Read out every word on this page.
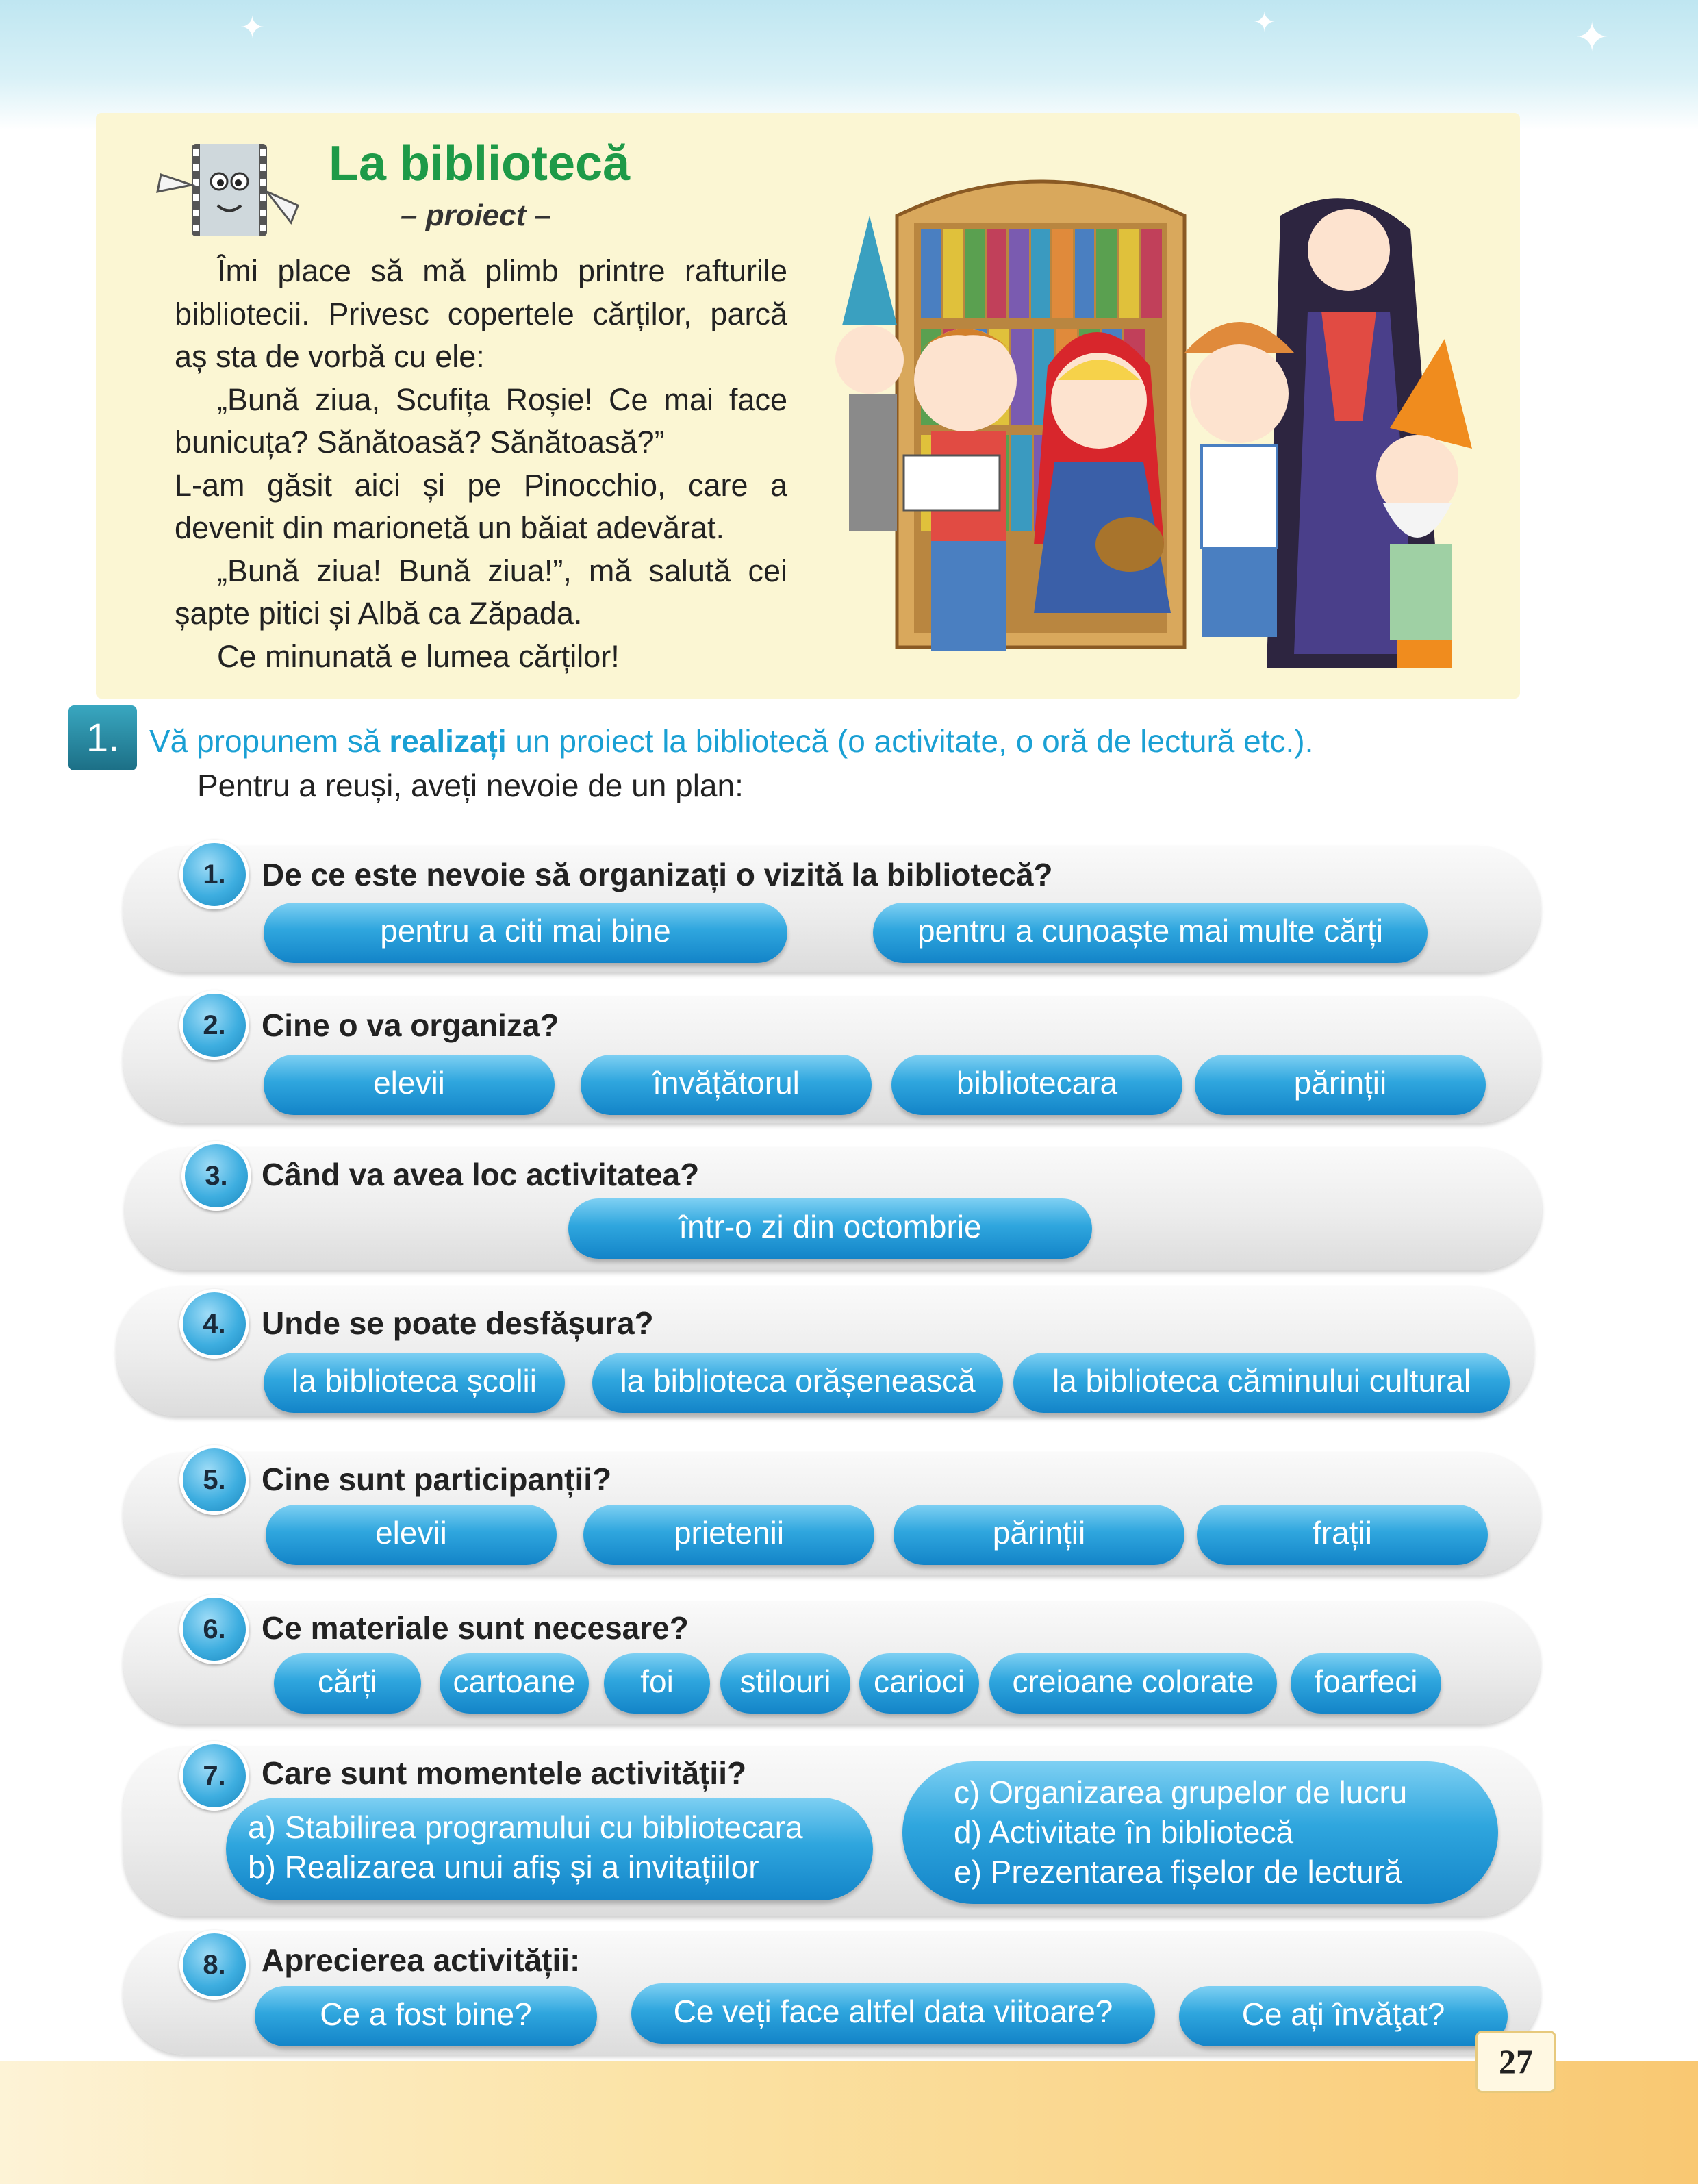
✦
✦
✦
La bibliotecă
– proiect –

Îmi place să mă plimb printre rafturile bibliotecii. Privesc copertele cărților, parcă aș sta de vorbă cu ele:

„Bună ziua, Scufița Roșie! Ce mai face bunicuța? Sănătoasă? Sănătoasă?”

L-am găsit aici și pe Pinocchio, care a devenit din marionetă un băiat adevărat.

„Bună ziua! Bună ziua!”, mă salută cei șapte pitici și Albă ca Zăpada.

Ce minunată e lumea cărților!

1. Vă propunem să realizați un proiect la bibliotecă (o activitate, o oră de lectură etc.).
Pentru a reuși, aveți nevoie de un plan:
1.	De ce este nevoie să organizați o vizită la bibliotecă?
pentru a citi mai bine	pentru a cunoaște mai multe cărți
2.	Cine o va organiza?
elevii	învățătorul	bibliotecara	părinții
3.	Când va avea loc activitatea?
într-o zi din octombrie
4.	Unde se poate desfășura?
la biblioteca școlii	la biblioteca orășenească	la biblioteca căminului cultural
5.	Cine sunt participanții?
elevii	prietenii	părinții	frații
6.	Ce materiale sunt necesare?
cărți	cartoane	foi	stilouri	carioci	creioane colorate	foarfeci
7.	Care sunt momentele activității?
a) Stabilirea programului cu bibliotecara
b) Realizarea unui afiș și a invitațiilor
c) Organizarea grupelor de lucru
d) Activitate în bibliotecă
e) Prezentarea fișelor de lectură
8.	Aprecierea activității:
Ce a fost bine?	Ce veți face altfel data viitoare?	Ce ați învăţat?
27
